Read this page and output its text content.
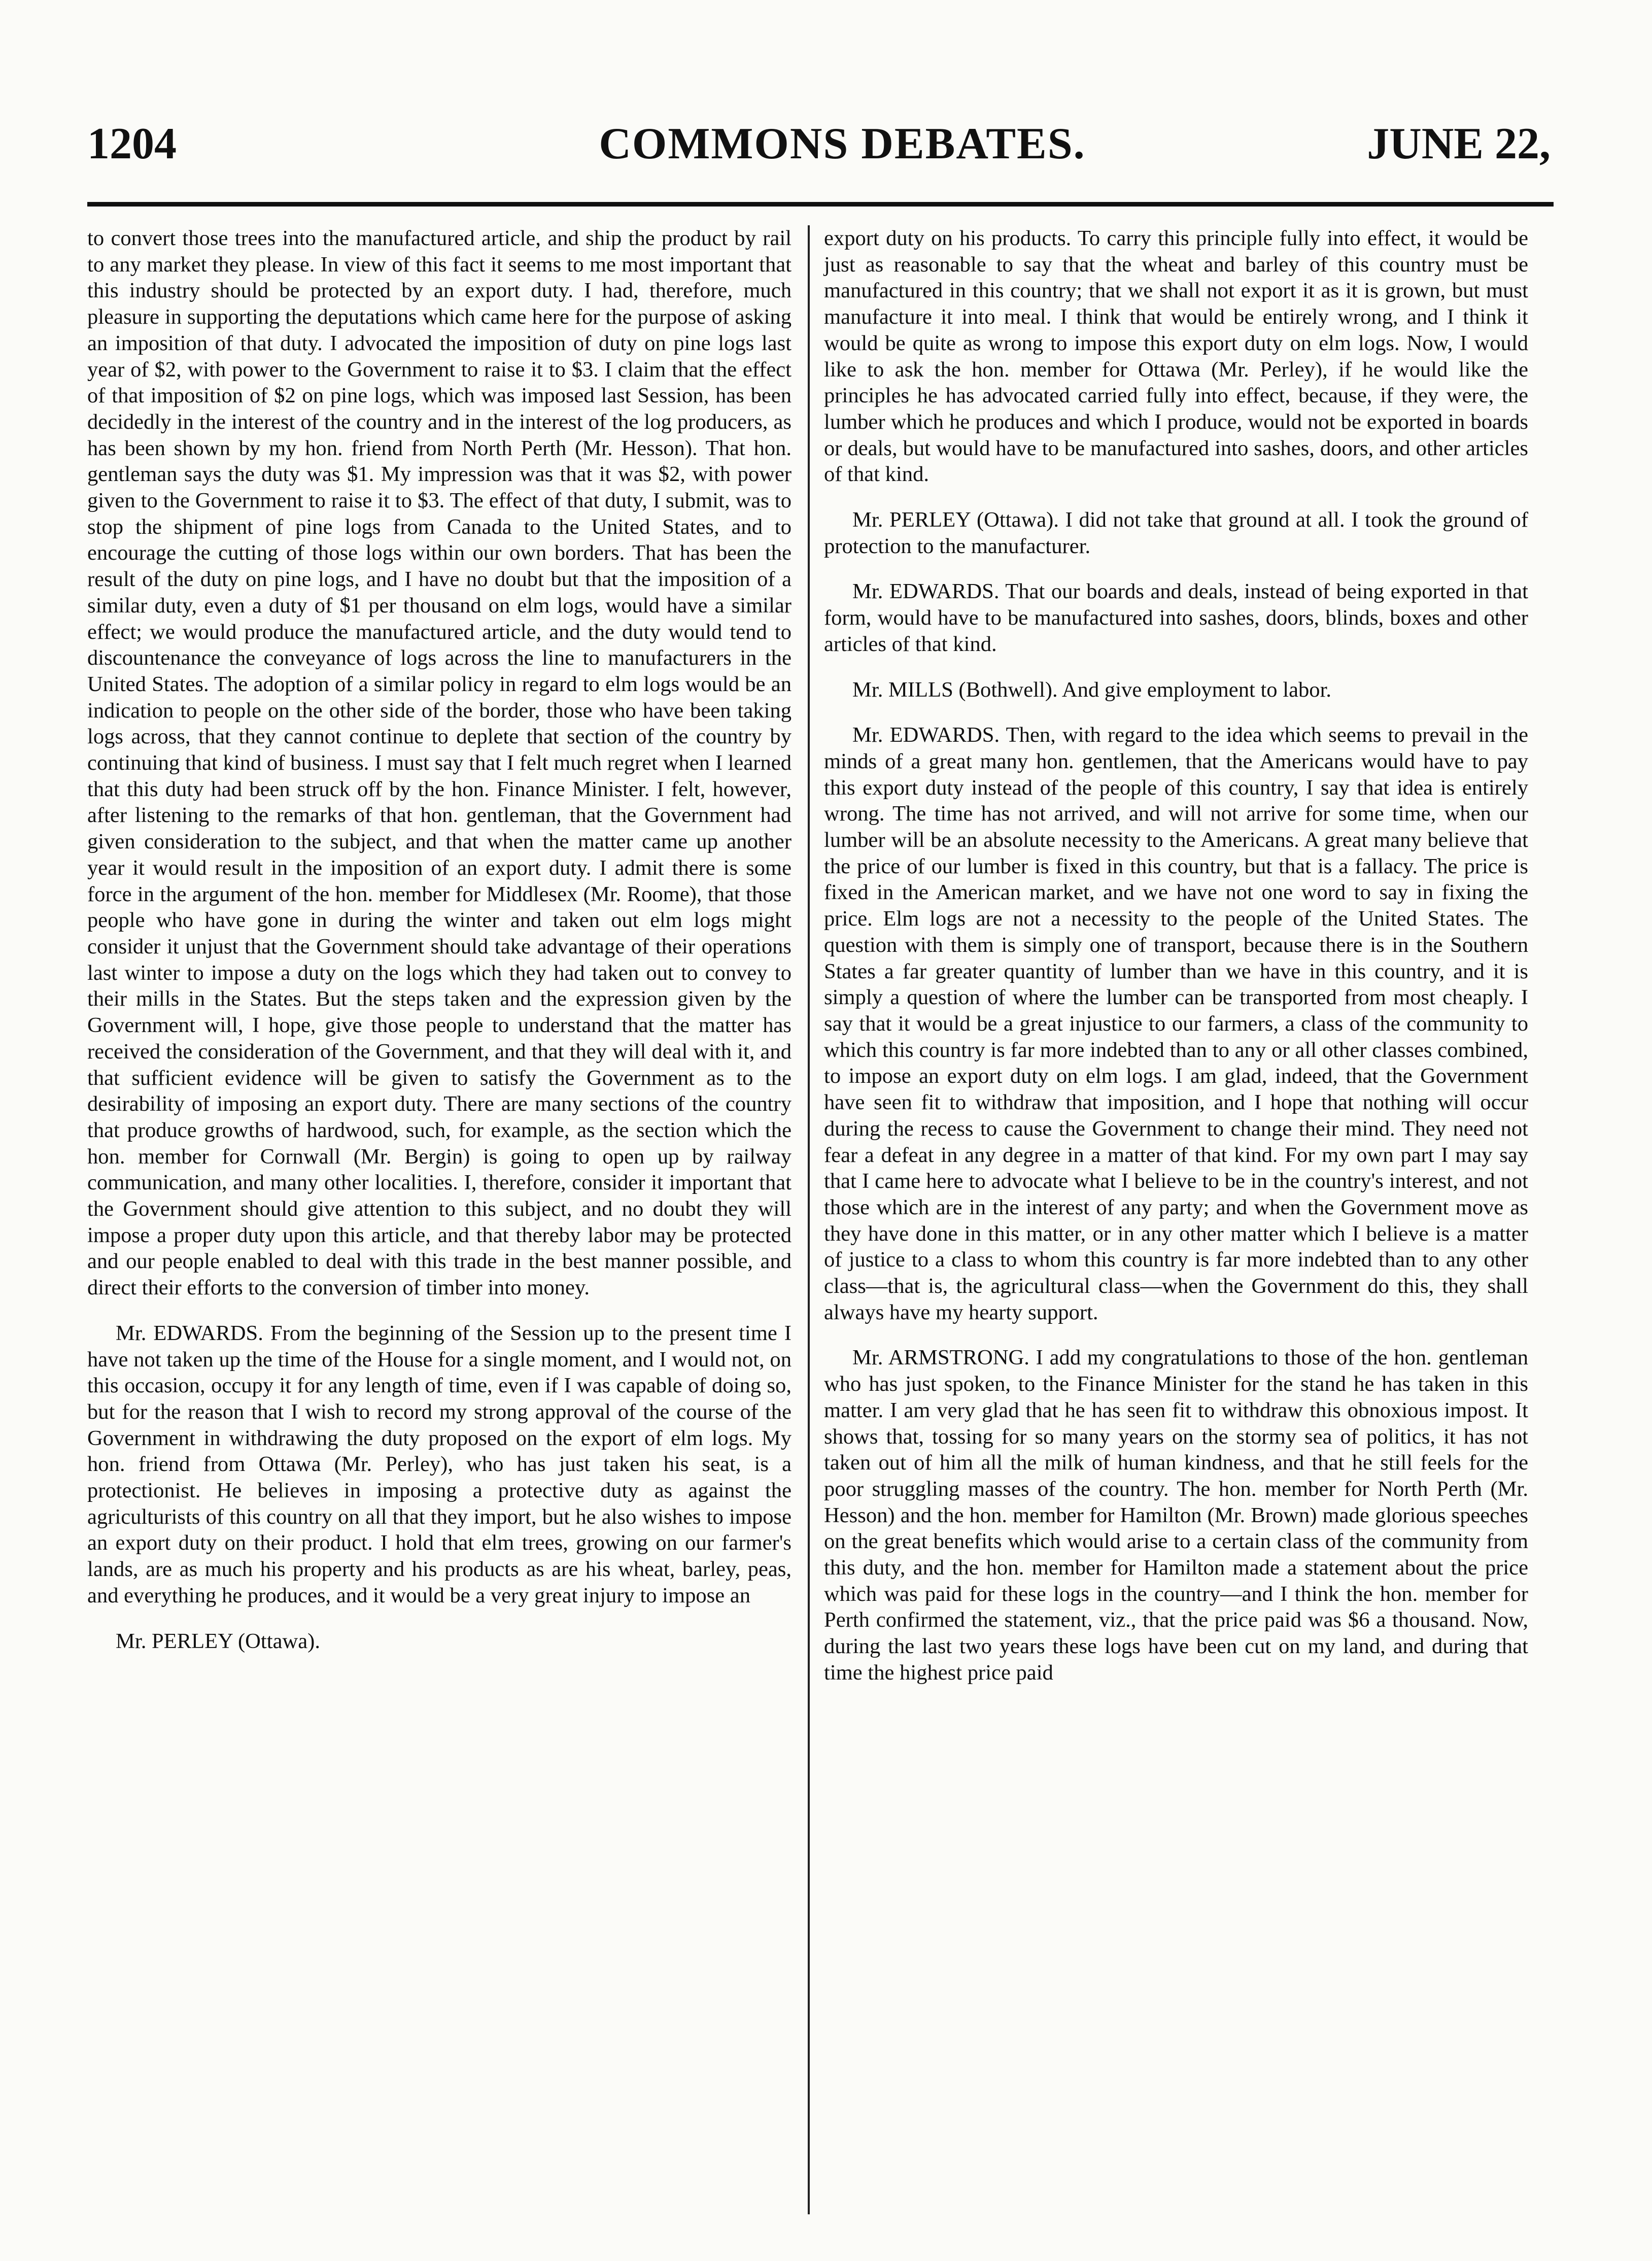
1204	COMMONS DEBATES.	JUNE 22,

to convert those trees into the manufactured article, and ship the product by rail to any market they please. In view of this fact it seems to me most important that this industry should be protected by an export duty. I had, therefore, much pleasure in supporting the deputations which came here for the purpose of asking an imposition of that duty. I advocated the imposition of duty on pine logs last year of $2, with power to the Government to raise it to $3. I claim that the effect of that imposition of $2 on pine logs, which was imposed last Session, has been decidedly in the interest of the country and in the interest of the log producers, as has been shown by my hon. friend from North Perth (Mr. Hesson). That hon. gentleman says the duty was $1. My impression was that it was $2, with power given to the Government to raise it to $3. The effect of that duty, I submit, was to stop the shipment of pine logs from Canada to the United States, and to encourage the cutting of those logs within our own borders. That has been the result of the duty on pine logs, and I have no doubt but that the imposition of a similar duty, even a duty of $1 per thousand on elm logs, would have a similar effect; we would produce the manufactured article, and the duty would tend to discountenance the conveyance of logs across the line to manufacturers in the United States. The adoption of a similar policy in regard to elm logs would be an indication to people on the other side of the border, those who have been taking logs across, that they cannot continue to deplete that section of the country by continuing that kind of business. I must say that I felt much regret when I learned that this duty had been struck off by the hon. Finance Minister. I felt, however, after listening to the remarks of that hon. gentleman, that the Government had given consideration to the subject, and that when the matter came up another year it would result in the imposition of an export duty. I admit there is some force in the argument of the hon. member for Middlesex (Mr. Roome), that those people who have gone in during the winter and taken out elm logs might consider it unjust that the Government should take advantage of their operations last winter to impose a duty on the logs which they had taken out to convey to their mills in the States. But the steps taken and the expression given by the Government will, I hope, give those people to understand that the matter has received the consideration of the Government, and that they will deal with it, and that sufficient evidence will be given to satisfy the Government as to the desirability of imposing an export duty. There are many sections of the country that produce growths of hardwood, such, for example, as the section which the hon. member for Cornwall (Mr. Bergin) is going to open up by railway communication, and many other localities. I, therefore, consider it important that the Government should give attention to this subject, and no doubt they will impose a proper duty upon this article, and that thereby labor may be protected and our people enabled to deal with this trade in the best manner possible, and direct their efforts to the conversion of timber into money.

Mr. EDWARDS. From the beginning of the Session up to the present time I have not taken up the time of the House for a single moment, and I would not, on this occasion, occupy it for any length of time, even if I was capable of doing so, but for the reason that I wish to record my strong approval of the course of the Government in withdrawing the duty proposed on the export of elm logs. My hon. friend from Ottawa (Mr. Perley), who has just taken his seat, is a protectionist. He believes in imposing a protective duty as against the agriculturists of this country on all that they import, but he also wishes to impose an export duty on their product. I hold that elm trees, growing on our farmer's lands, are as much his property and his products as are his wheat, barley, peas, and everything he produces, and it would be a very great injury to impose an

Mr. PERLEY (Ottawa).

export duty on his products. To carry this principle fully into effect, it would be just as reasonable to say that the wheat and barley of this country must be manufactured in this country; that we shall not export it as it is grown, but must manufacture it into meal. I think that would be entirely wrong, and I think it would be quite as wrong to impose this export duty on elm logs. Now, I would like to ask the hon. member for Ottawa (Mr. Perley), if he would like the principles he has advocated carried fully into effect, because, if they were, the lumber which he produces and which I produce, would not be exported in boards or deals, but would have to be manufactured into sashes, doors, and other articles of that kind.

Mr. PERLEY (Ottawa). I did not take that ground at all. I took the ground of protection to the manufacturer.

Mr. EDWARDS. That our boards and deals, instead of being exported in that form, would have to be manufactured into sashes, doors, blinds, boxes and other articles of that kind.

Mr. MILLS (Bothwell). And give employment to labor.

Mr. EDWARDS. Then, with regard to the idea which seems to prevail in the minds of a great many hon. gentlemen, that the Americans would have to pay this export duty instead of the people of this country, I say that idea is entirely wrong. The time has not arrived, and will not arrive for some time, when our lumber will be an absolute necessity to the Americans. A great many believe that the price of our lumber is fixed in this country, but that is a fallacy. The price is fixed in the American market, and we have not one word to say in fixing the price. Elm logs are not a necessity to the people of the United States. The question with them is simply one of transport, because there is in the Southern States a far greater quantity of lumber than we have in this country, and it is simply a question of where the lumber can be transported from most cheaply. I say that it would be a great injustice to our farmers, a class of the community to which this country is far more indebted than to any or all other classes combined, to impose an export duty on elm logs. I am glad, indeed, that the Government have seen fit to withdraw that imposition, and I hope that nothing will occur during the recess to cause the Government to change their mind. They need not fear a defeat in any degree in a matter of that kind. For my own part I may say that I came here to advocate what I believe to be in the country's interest, and not those which are in the interest of any party; and when the Government move as they have done in this matter, or in any other matter which I believe is a matter of justice to a class to whom this country is far more indebted than to any other class—that is, the agricultural class—when the Government do this, they shall always have my hearty support.

Mr. ARMSTRONG. I add my congratulations to those of the hon. gentleman who has just spoken, to the Finance Minister for the stand he has taken in this matter. I am very glad that he has seen fit to withdraw this obnoxious impost. It shows that, tossing for so many years on the stormy sea of politics, it has not taken out of him all the milk of human kindness, and that he still feels for the poor struggling masses of the country. The hon. member for North Perth (Mr. Hesson) and the hon. member for Hamilton (Mr. Brown) made glorious speeches on the great benefits which would arise to a certain class of the community from this duty, and the hon. member for Hamilton made a statement about the price which was paid for these logs in the country—and I think the hon. member for Perth confirmed the statement, viz., that the price paid was $6 a thousand. Now, during the last two years these logs have been cut on my land, and during that time the highest price paid
